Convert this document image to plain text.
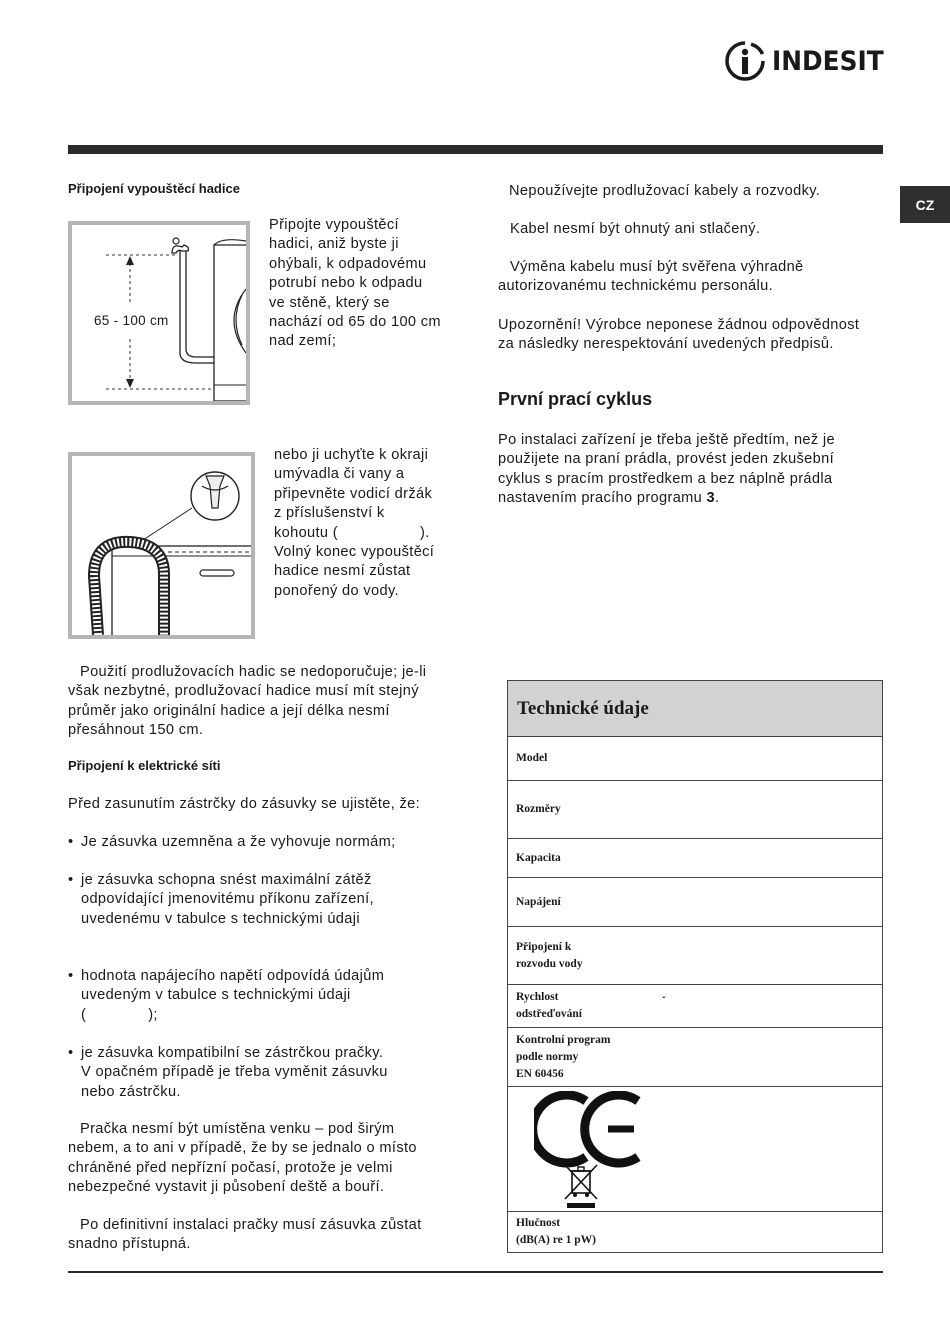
INDESIT
CZ
Připojení vypouštěcí hadice
65 - 100 cm
Připojte vypouštěcí
hadici, aniž byste ji
ohýbali, k odpadovému
potrubí nebo k odpadu
ve stěně, který se
nachází od 65 do 100 cm
nad zemí;
nebo ji uchyťte k okraji
umývadla či vany a
připevněte vodicí držák
z příslušenství k
kohoutu (	).
Volný konec vypouštěcí
hadice nesmí zůstat
ponořený do vody.
Použití prodlužovacích hadic se nedoporučuje; je-li
však nezbytné, prodlužovací hadice musí mít stejný
průměr jako originální hadice a její délka nesmí
přesáhnout 150 cm.
Připojení k elektrické síti
Před zasunutím zástrčky do zásuvky se ujistěte, že:
• Je zásuvka uzemněna a že vyhovuje normám;
• je zásuvka schopna snést maximální zátěž
odpovídající jmenovitému příkonu zařízení,
uvedenému v tabulce s technickými údaji
• hodnota napájecího napětí odpovídá údajům
uvedeným v tabulce s technickými údaji
(	);
• je zásuvka kompatibilní se zástrčkou pračky.
V opačném případě je třeba vyměnit zásuvku
nebo zástrčku.
Pračka nesmí být umístěna venku – pod širým
nebem, a to ani v případě, že by se jednalo o místo
chráněné před nepřízní počasí, protože je velmi
nebezpečné vystavit ji působení deště a bouří.
Po definitivní instalaci pračky musí zásuvka zůstat
snadno přístupná.
Nepoužívejte prodlužovací kabely a rozvodky.
Kabel nesmí být ohnutý ani stlačený.
Výměna kabelu musí být svěřena výhradně
autorizovanému technickému personálu.
Upozornění! Výrobce neponese žádnou odpovědnost
za následky nerespektování uvedených předpisů.
První prací cyklus
Po instalaci zařízení je třeba ještě předtím, než je
použijete na praní prádla, provést jeden zkušební
cyklus s pracím prostředkem a bez náplně prádla
nastavením pracího programu 3.
Technické údaje
Model
Rozměry
Kapacita
Napájení
Připojení k
rozvodu vody
Rychlost
odstřeďování
ˇ
Kontrolní program
podle normy
EN 60456
Hlučnost
(dB(A) re 1 pW)
